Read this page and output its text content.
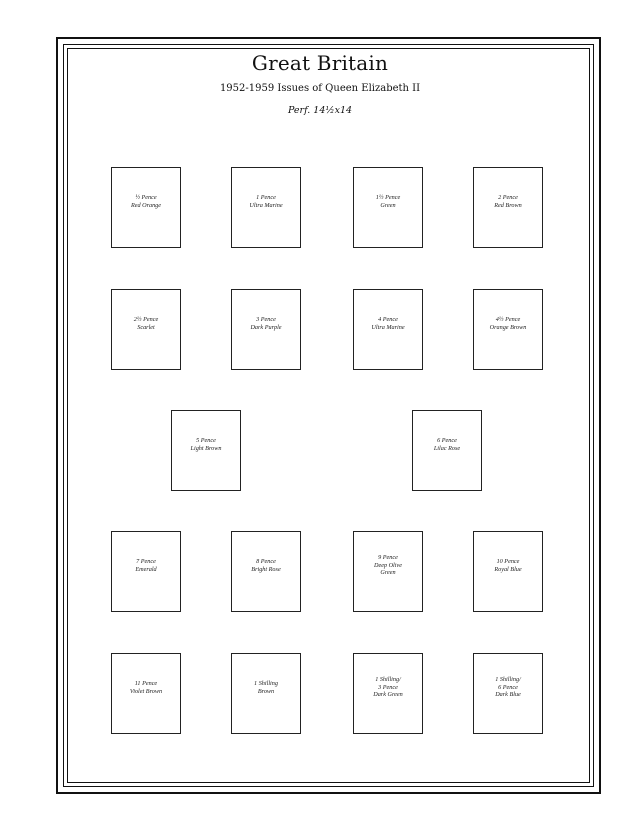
Great Britain
1952-1959 Issues of Queen Elizabeth II
Perf. 14½x14
½ Pence
Red Orange
1 Pence
Ultra Marine
1½ Pence
Green
2 Pence
Red Brown
2½ Pence
Scarlet
3 Pence
Dark Purple
4 Pence
Ultra Marine
4½ Pence
Orange Brown
5 Pence
Light Brown
6 Pence
Lilac Rose
7 Pence
Emerald
8 Pence
Bright Rose
9 Pence
Deep Olive
Green
10 Pence
Royal Blue
11 Pence
Violet Brown
1 Shilling
Brown
1 Shilling/
3 Pence
Dark Green
1 Shilling/
6 Pence
Dark Blue
